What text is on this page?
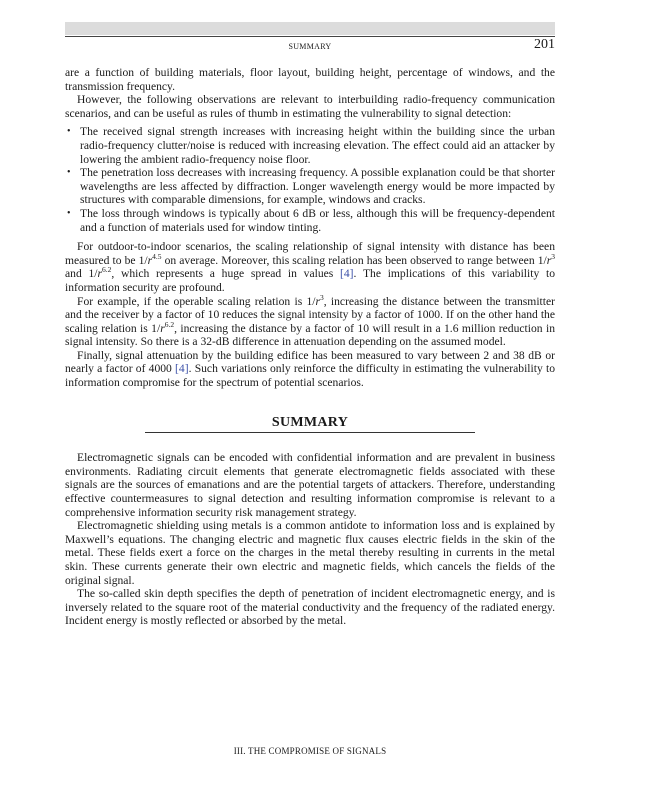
SUMMARY	201

are a function of building materials, floor layout, building height, percentage of windows, and the transmission frequency.

However, the following observations are relevant to interbuilding radio-frequency communication scenarios, and can be useful as rules of thumb in estimating the vulnerability to signal detection:

• The received signal strength increases with increasing height within the building since the urban radio-frequency clutter/noise is reduced with increasing elevation. The effect could aid an attacker by lowering the ambient radio-frequency noise floor.
• The penetration loss decreases with increasing frequency. A possible explanation could be that shorter wavelengths are less affected by diffraction. Longer wavelength energy would be more impacted by structures with comparable dimensions, for example, windows and cracks.
• The loss through windows is typically about 6 dB or less, although this will be frequency-dependent and a function of materials used for window tinting.

For outdoor-to-indoor scenarios, the scaling relationship of signal intensity with distance has been measured to be $1/r^{4.5}$ on average. Moreover, this scaling relation has been observed to range between $1/r^3$ and $1/r^{6.2}$, which represents a huge spread in values [4]. The implications of this variability to information security are profound.

For example, if the operable scaling relation is $1/r^3$, increasing the distance between the transmitter and the receiver by a factor of 10 reduces the signal intensity by a factor of 1000. If on the other hand the scaling relation is $1/r^{6.2}$, increasing the distance by a factor of 10 will result in a 1.6 million reduction in signal intensity. So there is a 32-dB difference in attenuation depending on the assumed model.

Finally, signal attenuation by the building edifice has been measured to vary between 2 and 38 dB or nearly a factor of 4000 [4]. Such variations only reinforce the difficulty in estimating the vulnerability to information compromise for the spectrum of potential scenarios.

SUMMARY

Electromagnetic signals can be encoded with confidential information and are prevalent in business environments. Radiating circuit elements that generate electromagnetic fields associated with these signals are the sources of emanations and are the potential targets of attackers. Therefore, understanding effective countermeasures to signal detection and resulting information compromise is relevant to a comprehensive information security risk management strategy.

Electromagnetic shielding using metals is a common antidote to information loss and is explained by Maxwell’s equations. The changing electric and magnetic flux causes electric fields in the skin of the metal. These fields exert a force on the charges in the metal thereby resulting in currents in the metal skin. These currents generate their own electric and magnetic fields, which cancels the fields of the original signal.

The so-called skin depth specifies the depth of penetration of incident electromagnetic energy, and is inversely related to the square root of the material conductivity and the frequency of the radiated energy. Incident energy is mostly reflected or absorbed by the metal.

III. THE COMPROMISE OF SIGNALS
